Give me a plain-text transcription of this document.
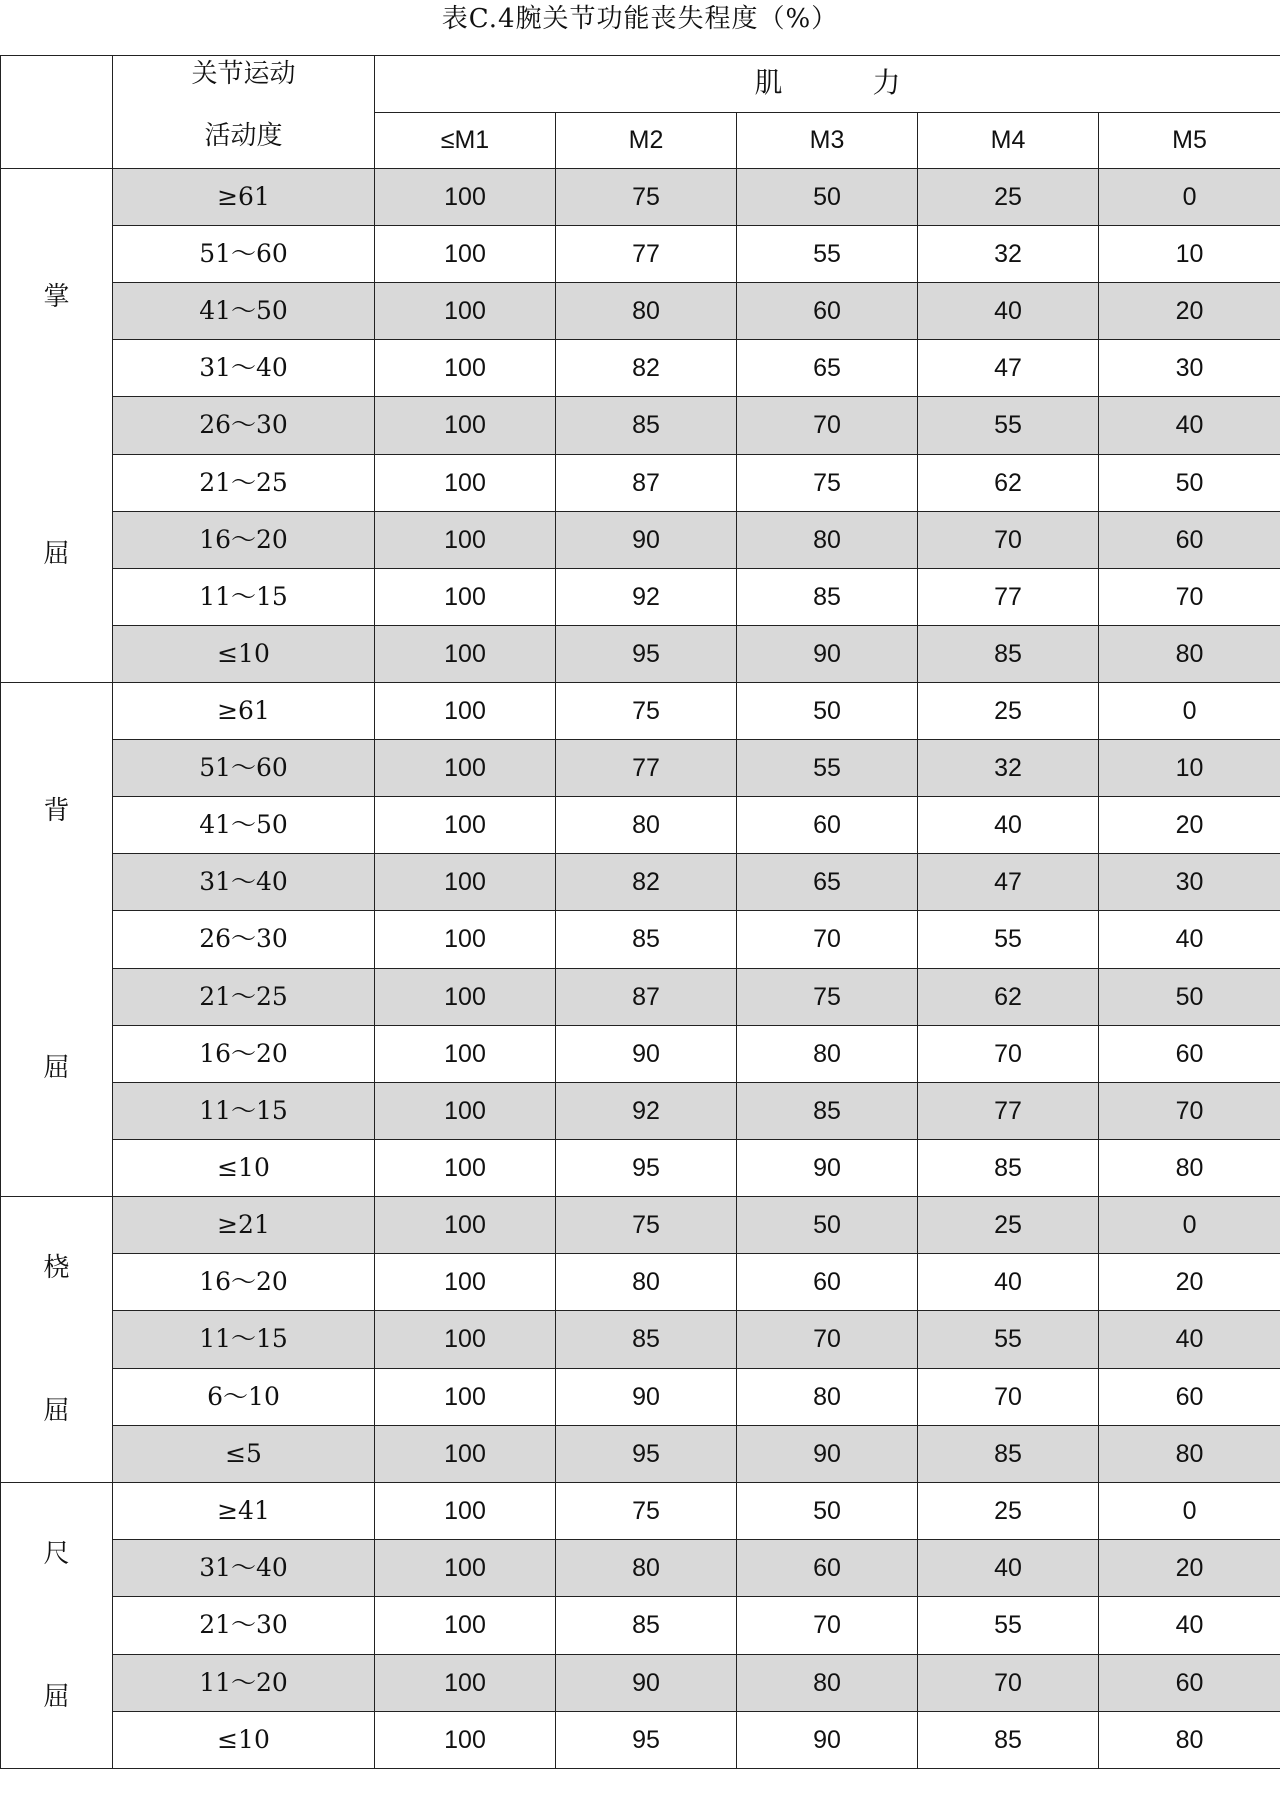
表C.4腕关节功能丧失程度（%）

	关节运动
活动度	肌力				
		≤M1	M2	M3	M4	M5

掌
屈	≥61	100	75	50	25	0
	51～60	100	77	55	32	10
	41～50	100	80	60	40	20
	31～40	100	82	65	47	30
	26～30	100	85	70	55	40
	21～25	100	87	75	62	50
	16～20	100	90	80	70	60
	11～15	100	92	85	77	70
	≤10	100	95	90	85	80

背
屈	≥61	100	75	50	25	0
	51～60	100	77	55	32	10
	41～50	100	80	60	40	20
	31～40	100	82	65	47	30
	26～30	100	85	70	55	40
	21～25	100	87	75	62	50
	16～20	100	90	80	70	60
	11～15	100	92	85	77	70
	≤10	100	95	90	85	80

桡
屈	≥21	100	75	50	25	0
	16～20	100	80	60	40	20
	11～15	100	85	70	55	40
	6～10	100	90	80	70	60
	≤5	100	95	90	85	80

尺
屈	≥41	100	75	50	25	0
	31～40	100	80	60	40	20
	21～30	100	85	70	55	40
	11～20	100	90	80	70	60
	≤10	100	95	90	85	80
